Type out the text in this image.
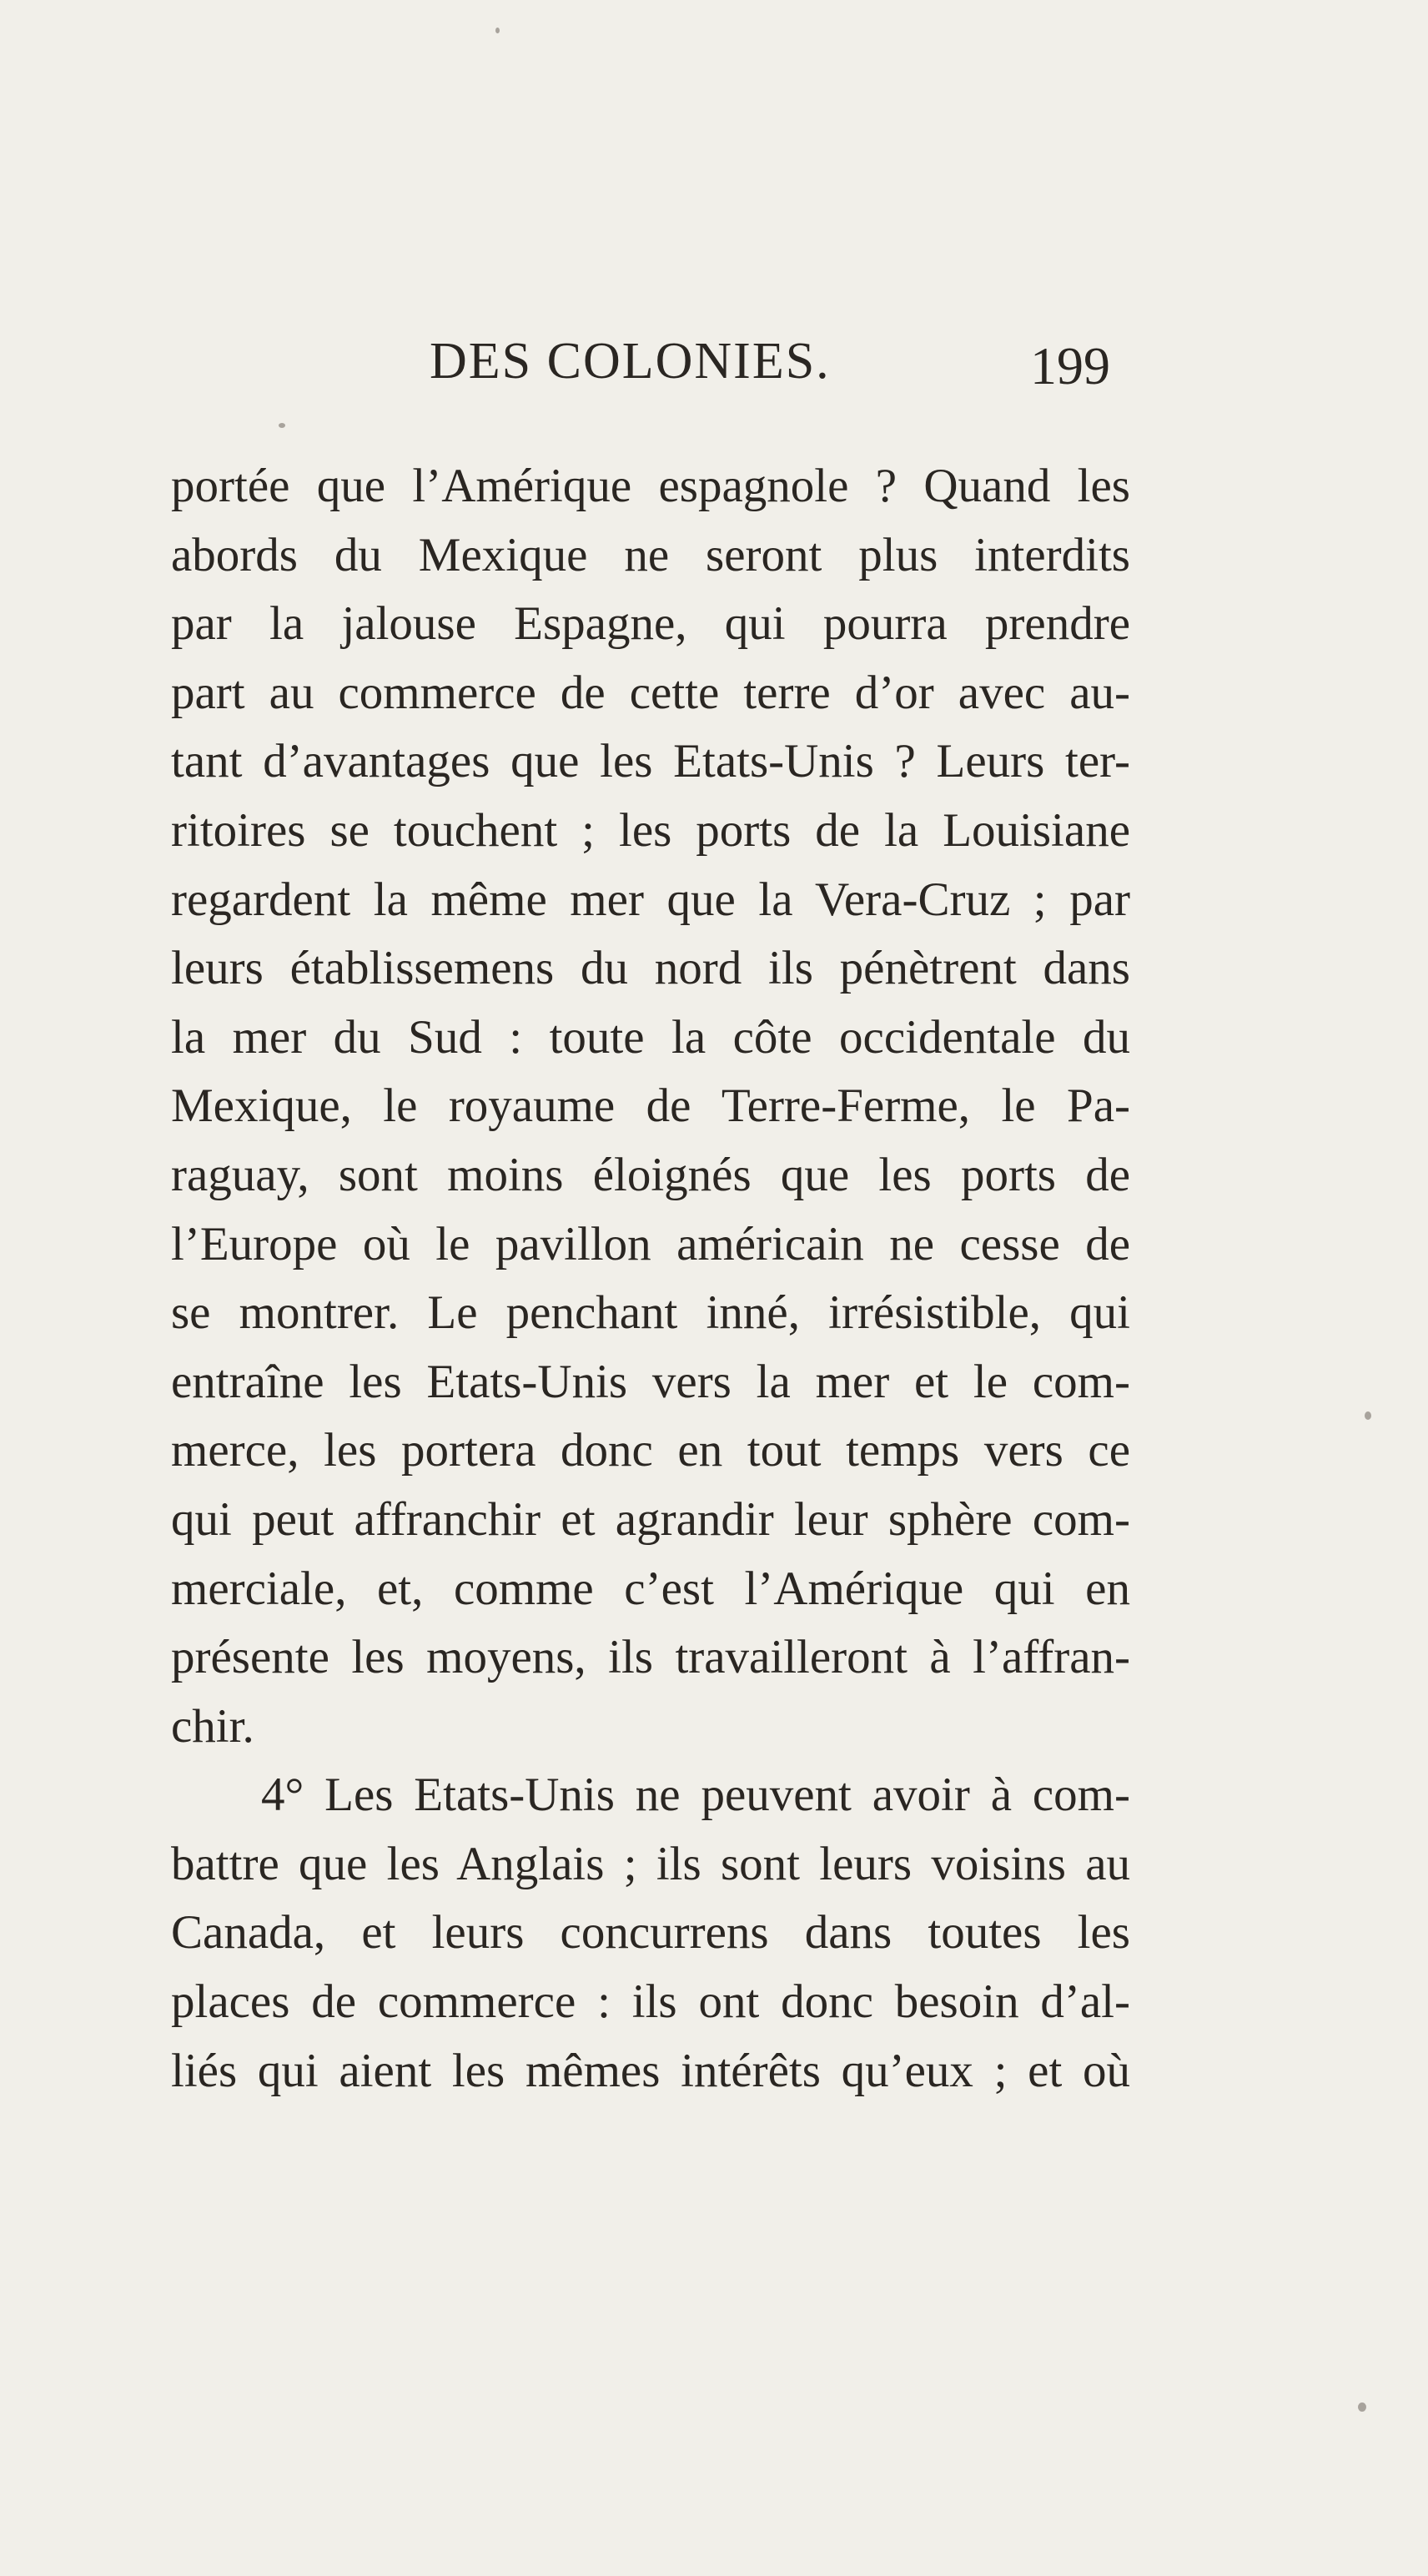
DES COLONIES.	199
portée que l’Amérique espagnole ? Quand les
abords du Mexique ne seront plus interdits
par la jalouse Espagne, qui pourra prendre
part au commerce de cette terre d’or avec au-
tant d’avantages que les Etats-Unis ? Leurs ter-
ritoires se touchent ; les ports de la Louisiane
regardent la même mer que la Vera-Cruz ; par
leurs établissemens du nord ils pénètrent dans
la mer du Sud : toute la côte occidentale du
Mexique, le royaume de Terre-Ferme, le Pa-
raguay, sont moins éloignés que les ports de
l’Europe où le pavillon américain ne cesse de
se montrer. Le penchant inné, irrésistible, qui
entraîne les Etats-Unis vers la mer et le com-
merce, les portera donc en tout temps vers ce
qui peut affranchir et agrandir leur sphère com-
merciale, et, comme c’est l’Amérique qui en
présente les moyens, ils travailleront à l’affran-
chir.
4° Les Etats-Unis ne peuvent avoir à com-
battre que les Anglais ; ils sont leurs voisins au
Canada, et leurs concurrens dans toutes les
places de commerce : ils ont donc besoin d’al-
liés qui aient les mêmes intérêts qu’eux ; et où
